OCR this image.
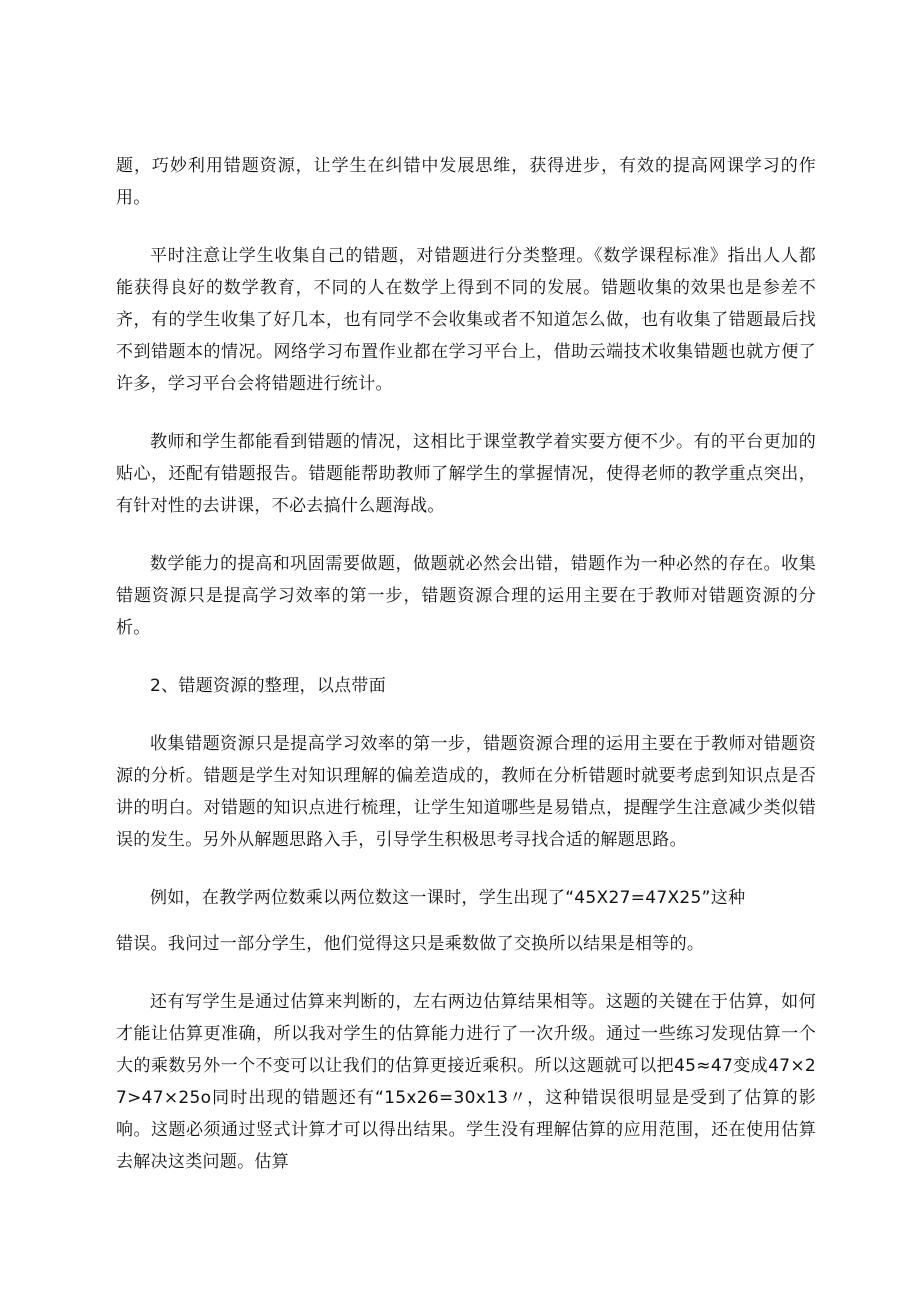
题，巧妙利用错题资源，让学生在纠错中发展思维，获得进步，有效的提高网课学习的作用。

平时注意让学生收集自己的错题，对错题进行分类整理。《数学课程标准》指出人人都能获得良好的数学教育，不同的人在数学上得到不同的发展。错题收集的效果也是参差不齐，有的学生收集了好几本，也有同学不会收集或者不知道怎么做，也有收集了错题最后找不到错题本的情况。网络学习布置作业都在学习平台上，借助云端技术收集错题也就方便了许多，学习平台会将错题进行统计。

教师和学生都能看到错题的情况，这相比于课堂教学着实要方便不少。有的平台更加的贴心，还配有错题报告。错题能帮助教师了解学生的掌握情况，使得老师的教学重点突出，有针对性的去讲课，不必去搞什么题海战。

数学能力的提高和巩固需要做题，做题就必然会出错，错题作为一种必然的存在。收集错题资源只是提高学习效率的第一步，错题资源合理的运用主要在于教师对错题资源的分析。

2、错题资源的整理，以点带面

收集错题资源只是提高学习效率的第一步，错题资源合理的运用主要在于教师对错题资源的分析。错题是学生对知识理解的偏差造成的，教师在分析错题时就要考虑到知识点是否讲的明白。对错题的知识点进行梳理，让学生知道哪些是易错点，提醒学生注意减少类似错误的发生。另外从解题思路入手，引导学生积极思考寻找合适的解题思路。

例如，在教学两位数乘以两位数这一课时，学生出现了“45X27=47X25”这种
错误。我问过一部分学生，他们觉得这只是乘数做了交换所以结果是相等的。

还有写学生是通过估算来判断的，左右两边估算结果相等。这题的关键在于估算，如何才能让估算更准确，所以我对学生的估算能力进行了一次升级。通过一些练习发现估算一个大的乘数另外一个不变可以让我们的估算更接近乘积。所以这题就可以把45≈47变成47×27>47×25o同时出现的错题还有“15x26=30x13〃，这种错误很明显是受到了估算的影响。这题必须通过竖式计算才可以得出结果。学生没有理解估算的应用范围，还在使用估算去解决这类问题。估算
